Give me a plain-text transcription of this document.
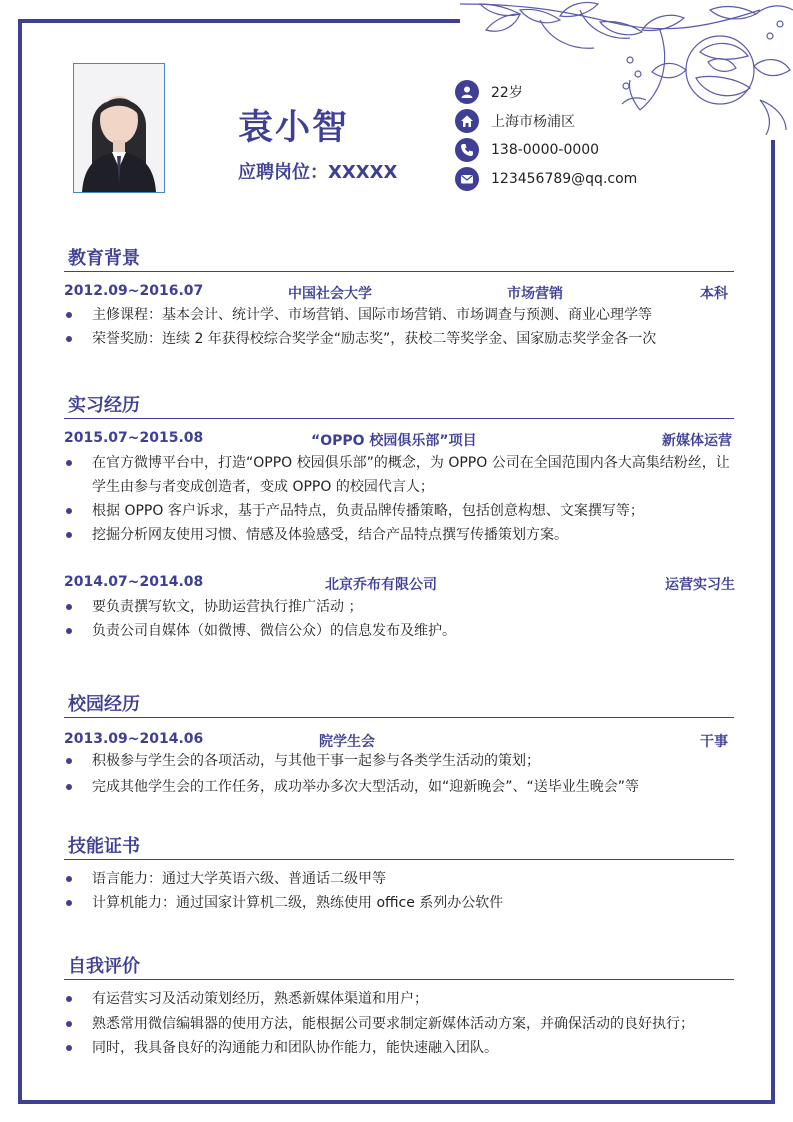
袁小智
应聘岗位：XXXXX
22岁
上海市杨浦区
138-0000-0000
123456789@qq.com
教育背景
2012.09~2016.07	中国社会大学	市场营销	本科
主修课程：基本会计、统计学、市场营销、国际市场营销、市场调查与预测、商业心理学等
荣誉奖励：连续 2 年获得校综合奖学金“励志奖”，获校二等奖学金、国家励志奖学金各一次
实习经历
2015.07~2015.08	“OPPO 校园俱乐部”项目	新媒体运营
在官方微博平台中，打造“OPPO 校园俱乐部”的概念，为 OPPO 公司在全国范围内各大高集结粉丝，让学生由参与者变成创造者，变成 OPPO 的校园代言人；
根据 OPPO 客户诉求，基于产品特点，负责品牌传播策略，包括创意构想、文案撰写等；
挖掘分析网友使用习惯、情感及体验感受，结合产品特点撰写传播策划方案。
2014.07~2014.08	北京乔布有限公司	运营实习生
要负责撰写软文，协助运营执行推广活动 ；
负责公司自媒体（如微博、微信公众）的信息发布及维护。
校园经历
2013.09~2014.06	院学生会	干事
积极参与学生会的各项活动，与其他干事一起参与各类学生活动的策划；
完成其他学生会的工作任务，成功举办多次大型活动，如“迎新晚会”、“送毕业生晚会”等
技能证书
语言能力：通过大学英语六级、普通话二级甲等
计算机能力：通过国家计算机二级，熟练使用 office 系列办公软件
自我评价
有运营实习及活动策划经历，熟悉新媒体渠道和用户；
熟悉常用微信编辑器的使用方法，能根据公司要求制定新媒体活动方案，并确保活动的良好执行；
同时，我具备良好的沟通能力和团队协作能力，能快速融入团队。
